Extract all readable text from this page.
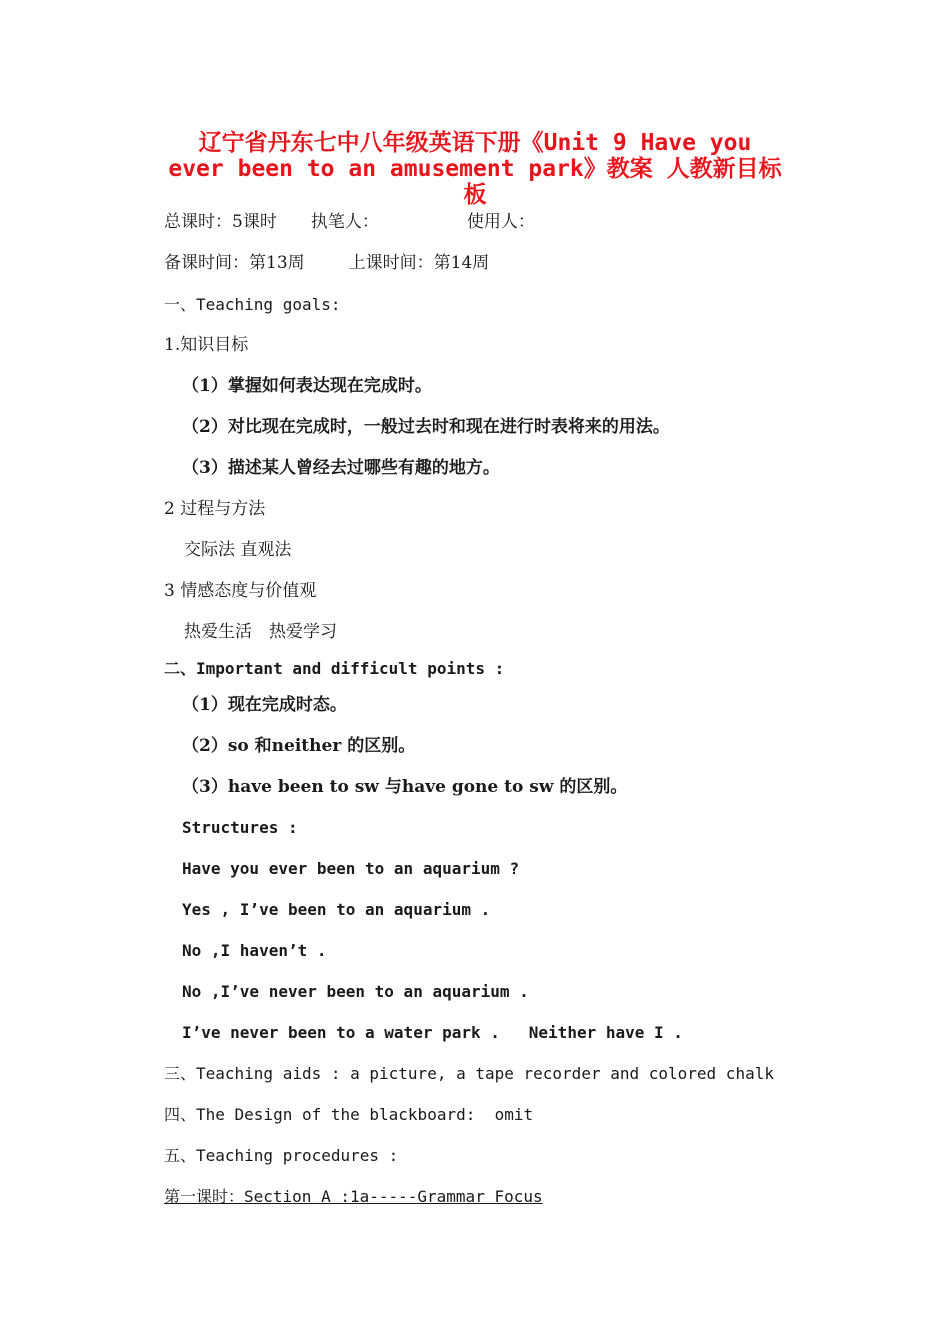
辽宁省丹东七中八年级英语下册《Unit 9 Have you
ever been to an amusement park》教案 人教新目标
板
总课时：5课时 执笔人：	使用人：
备课时间：第13周	上课时间：第14周
一、Teaching goals:
1.知识目标
（1）掌握如何表达现在完成时。
（2）对比现在完成时，一般过去时和现在进行时表将来的用法。
（3）描述某人曾经去过哪些有趣的地方。
2 过程与方法
交际法 直观法
3 情感态度与价值观
热爱生活　热爱学习
二、Important and difficult points :
（1）现在完成时态。
（2）so 和neither 的区别。
（3）have been to sw 与have gone to sw 的区别。
Structures :
Have you ever been to an aquarium ?
Yes , I’ve been to an aquarium .
No ,I haven’t .
No ,I’ve never been to an aquarium .
I’ve never been to a water park .   Neither have I .
三、Teaching aids : a picture, a tape recorder and colored chalk
四、The Design of the blackboard:  omit
五、Teaching procedures :
第一课时：Section A :1a-----Grammar Focus
